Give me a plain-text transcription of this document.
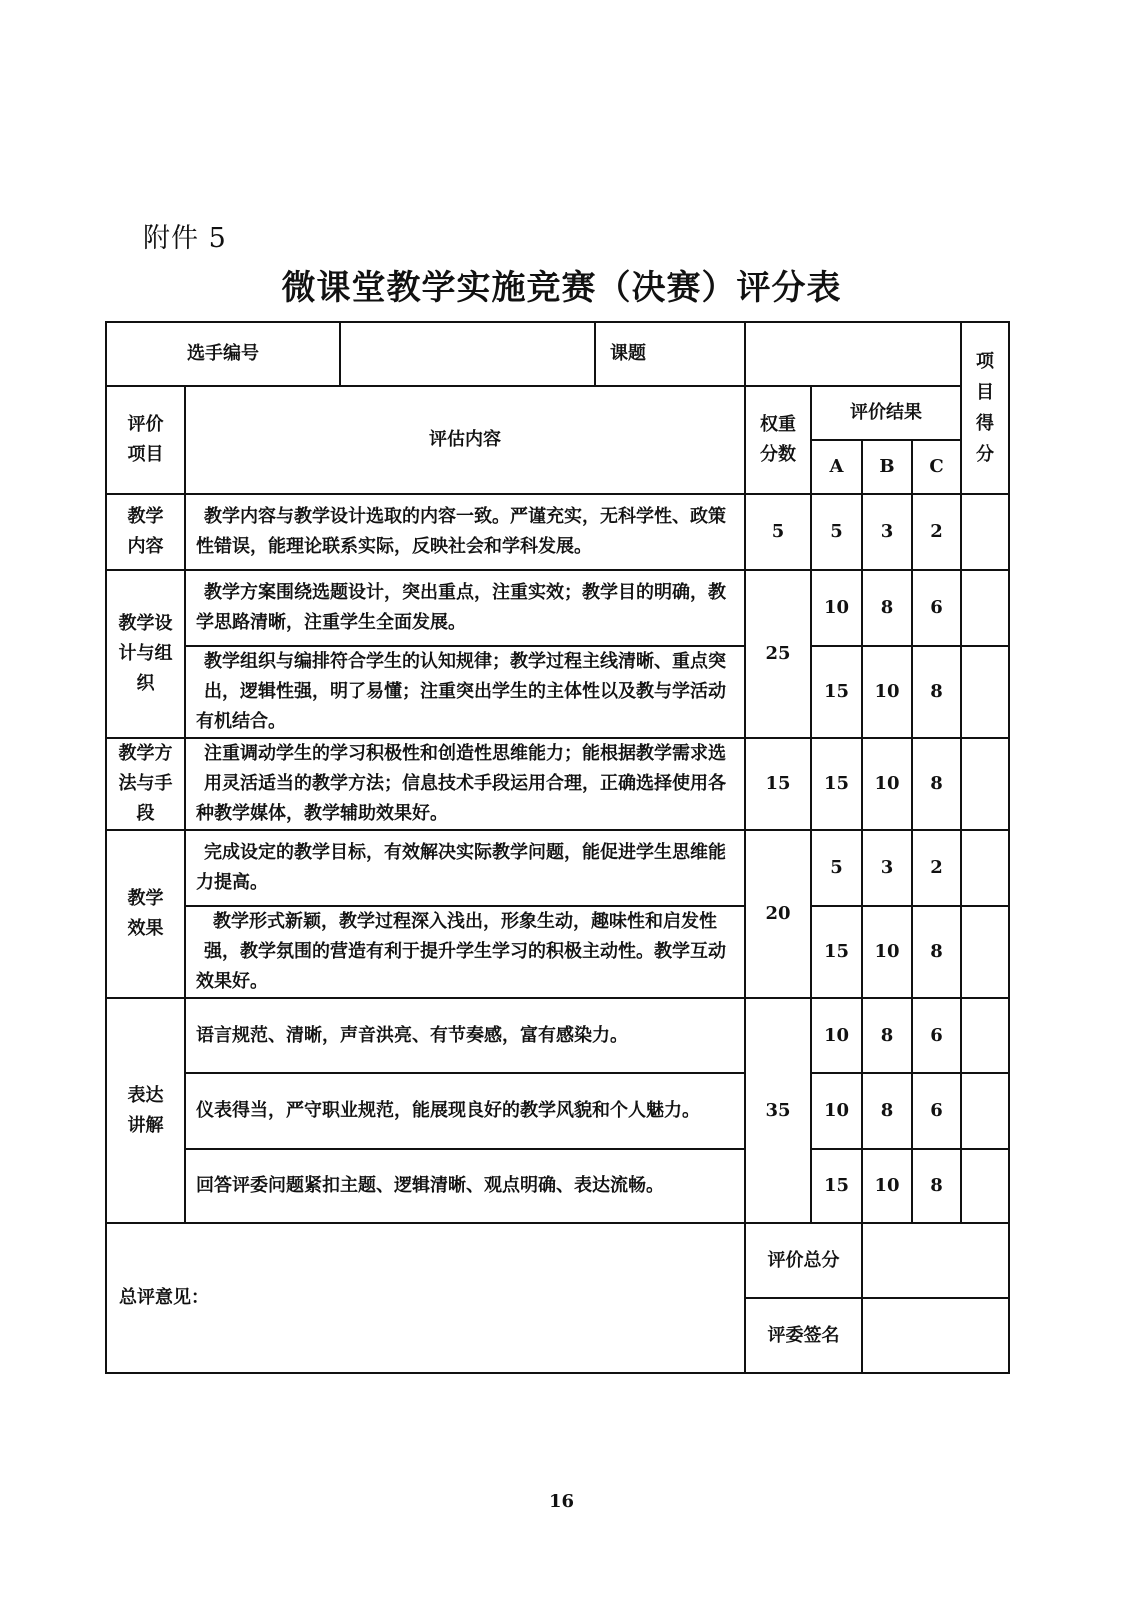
附件 5
微课堂教学实施竞赛（决赛）评分表
选手编号			课题					项目得分

评价项目	评估内容			权重分数	评价结果			
					A	B	C	

教学内容	教学内容与教学设计选取的内容一致。严谨充实，无科学性、政策性错误，能理论联系实际，反映社会和学科发展。			5	5	3	2	

教学设计与组织	教学方案围绕选题设计，突出重点，注重实效；教学目的明确，教学思路清晰，注重学生全面发展。			25	10	8	6	
	教学组织与编排符合学生的认知规律；教学过程主线清晰、重点突出，逻辑性强，明了易懂；注重突出学生的主体性以及教与学活动有机结合。				15	10	8	

教学方法与手段	注重调动学生的学习积极性和创造性思维能力；能根据教学需求选用灵活适当的教学方法；信息技术手段运用合理，正确选择使用各种教学媒体，教学辅助效果好。			15	15	10	8	

教学效果	完成设定的教学目标，有效解决实际教学问题，能促进学生思维能力提高。			20	5	3	2	
	教学形式新颖，教学过程深入浅出，形象生动，趣味性和启发性强，教学氛围的营造有利于提升学生学习的积极主动性。教学互动效果好。				15	10	8	

表达讲解	语言规范、清晰，声音洪亮、有节奏感，富有感染力。			35	10	8	6	
	仪表得当，严守职业规范，能展现良好的教学风貌和个人魅力。				10	8	6	
	回答评委问题紧扣主题、逻辑清晰、观点明确、表达流畅。				15	10	8	
总评意见：				评价总分				
				评委签名				
16
